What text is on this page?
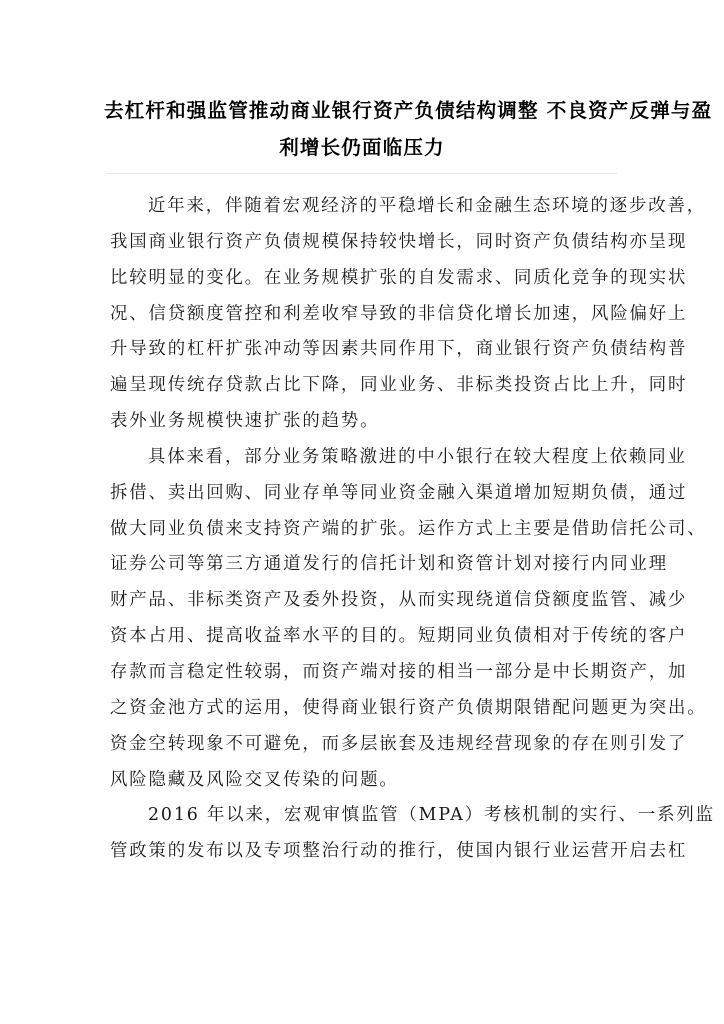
去杠杆和强监管推动商业银行资产负债结构调整 不良资产反弹与盈
利增长仍面临压力
近年来，伴随着宏观经济的平稳增长和金融生态环境的逐步改善，
我国商业银行资产负债规模保持较快增长，同时资产负债结构亦呈现
比较明显的变化。在业务规模扩张的自发需求、同质化竞争的现实状
况、信贷额度管控和利差收窄导致的非信贷化增长加速，风险偏好上
升导致的杠杆扩张冲动等因素共同作用下，商业银行资产负债结构普
遍呈现传统存贷款占比下降，同业业务、非标类投资占比上升，同时
表外业务规模快速扩张的趋势。
具体来看，部分业务策略激进的中小银行在较大程度上依赖同业
拆借、卖出回购、同业存单等同业资金融入渠道增加短期负债，通过
做大同业负债来支持资产端的扩张。运作方式上主要是借助信托公司、
证券公司等第三方通道发行的信托计划和资管计划对接行内同业理
财产品、非标类资产及委外投资，从而实现绕道信贷额度监管、减少
资本占用、提高收益率水平的目的。短期同业负债相对于传统的客户
存款而言稳定性较弱，而资产端对接的相当一部分是中长期资产，加
之资金池方式的运用，使得商业银行资产负债期限错配问题更为突出。
资金空转现象不可避免，而多层嵌套及违规经营现象的存在则引发了
风险隐藏及风险交叉传染的问题。
2016 年以来，宏观审慎监管（MPA）考核机制的实行、一系列监
管政策的发布以及专项整治行动的推行，使国内银行业运营开启去杠
